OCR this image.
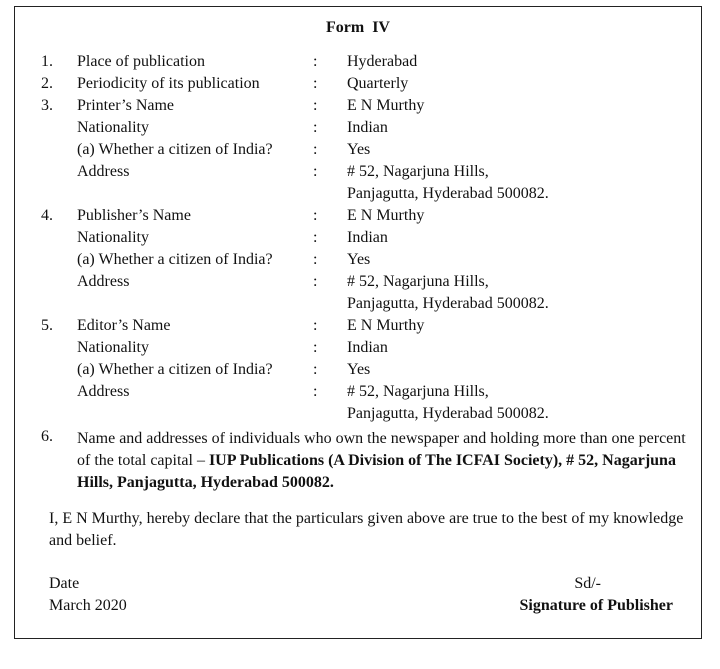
Form IV
1. Place of publication	: Hyderabad
2. Periodicity of its publication	: Quarterly
3. Printer’s Name	: E N Murthy
Nationality	: Indian
(a) Whether a citizen of India?	: Yes
Address	: # 52, Nagarjuna Hills,
Panjagutta, Hyderabad 500082.
4. Publisher’s Name	: E N Murthy
Nationality	: Indian
(a) Whether a citizen of India?	: Yes
Address	: # 52, Nagarjuna Hills,
Panjagutta, Hyderabad 500082.
5. Editor’s Name	: E N Murthy
Nationality	: Indian
(a) Whether a citizen of India?	: Yes
Address	: # 52, Nagarjuna Hills,
Panjagutta, Hyderabad 500082.
6. Name and addresses of individuals who own the newspaper and holding more than one percent of the total capital – IUP Publications (A Division of The ICFAI Society), # 52, Nagarjuna Hills, Panjagutta, Hyderabad 500082.
I, E N Murthy, hereby declare that the particulars given above are true to the best of my knowledge and belief.
Date
March 2020
Sd/-
Signature of Publisher
